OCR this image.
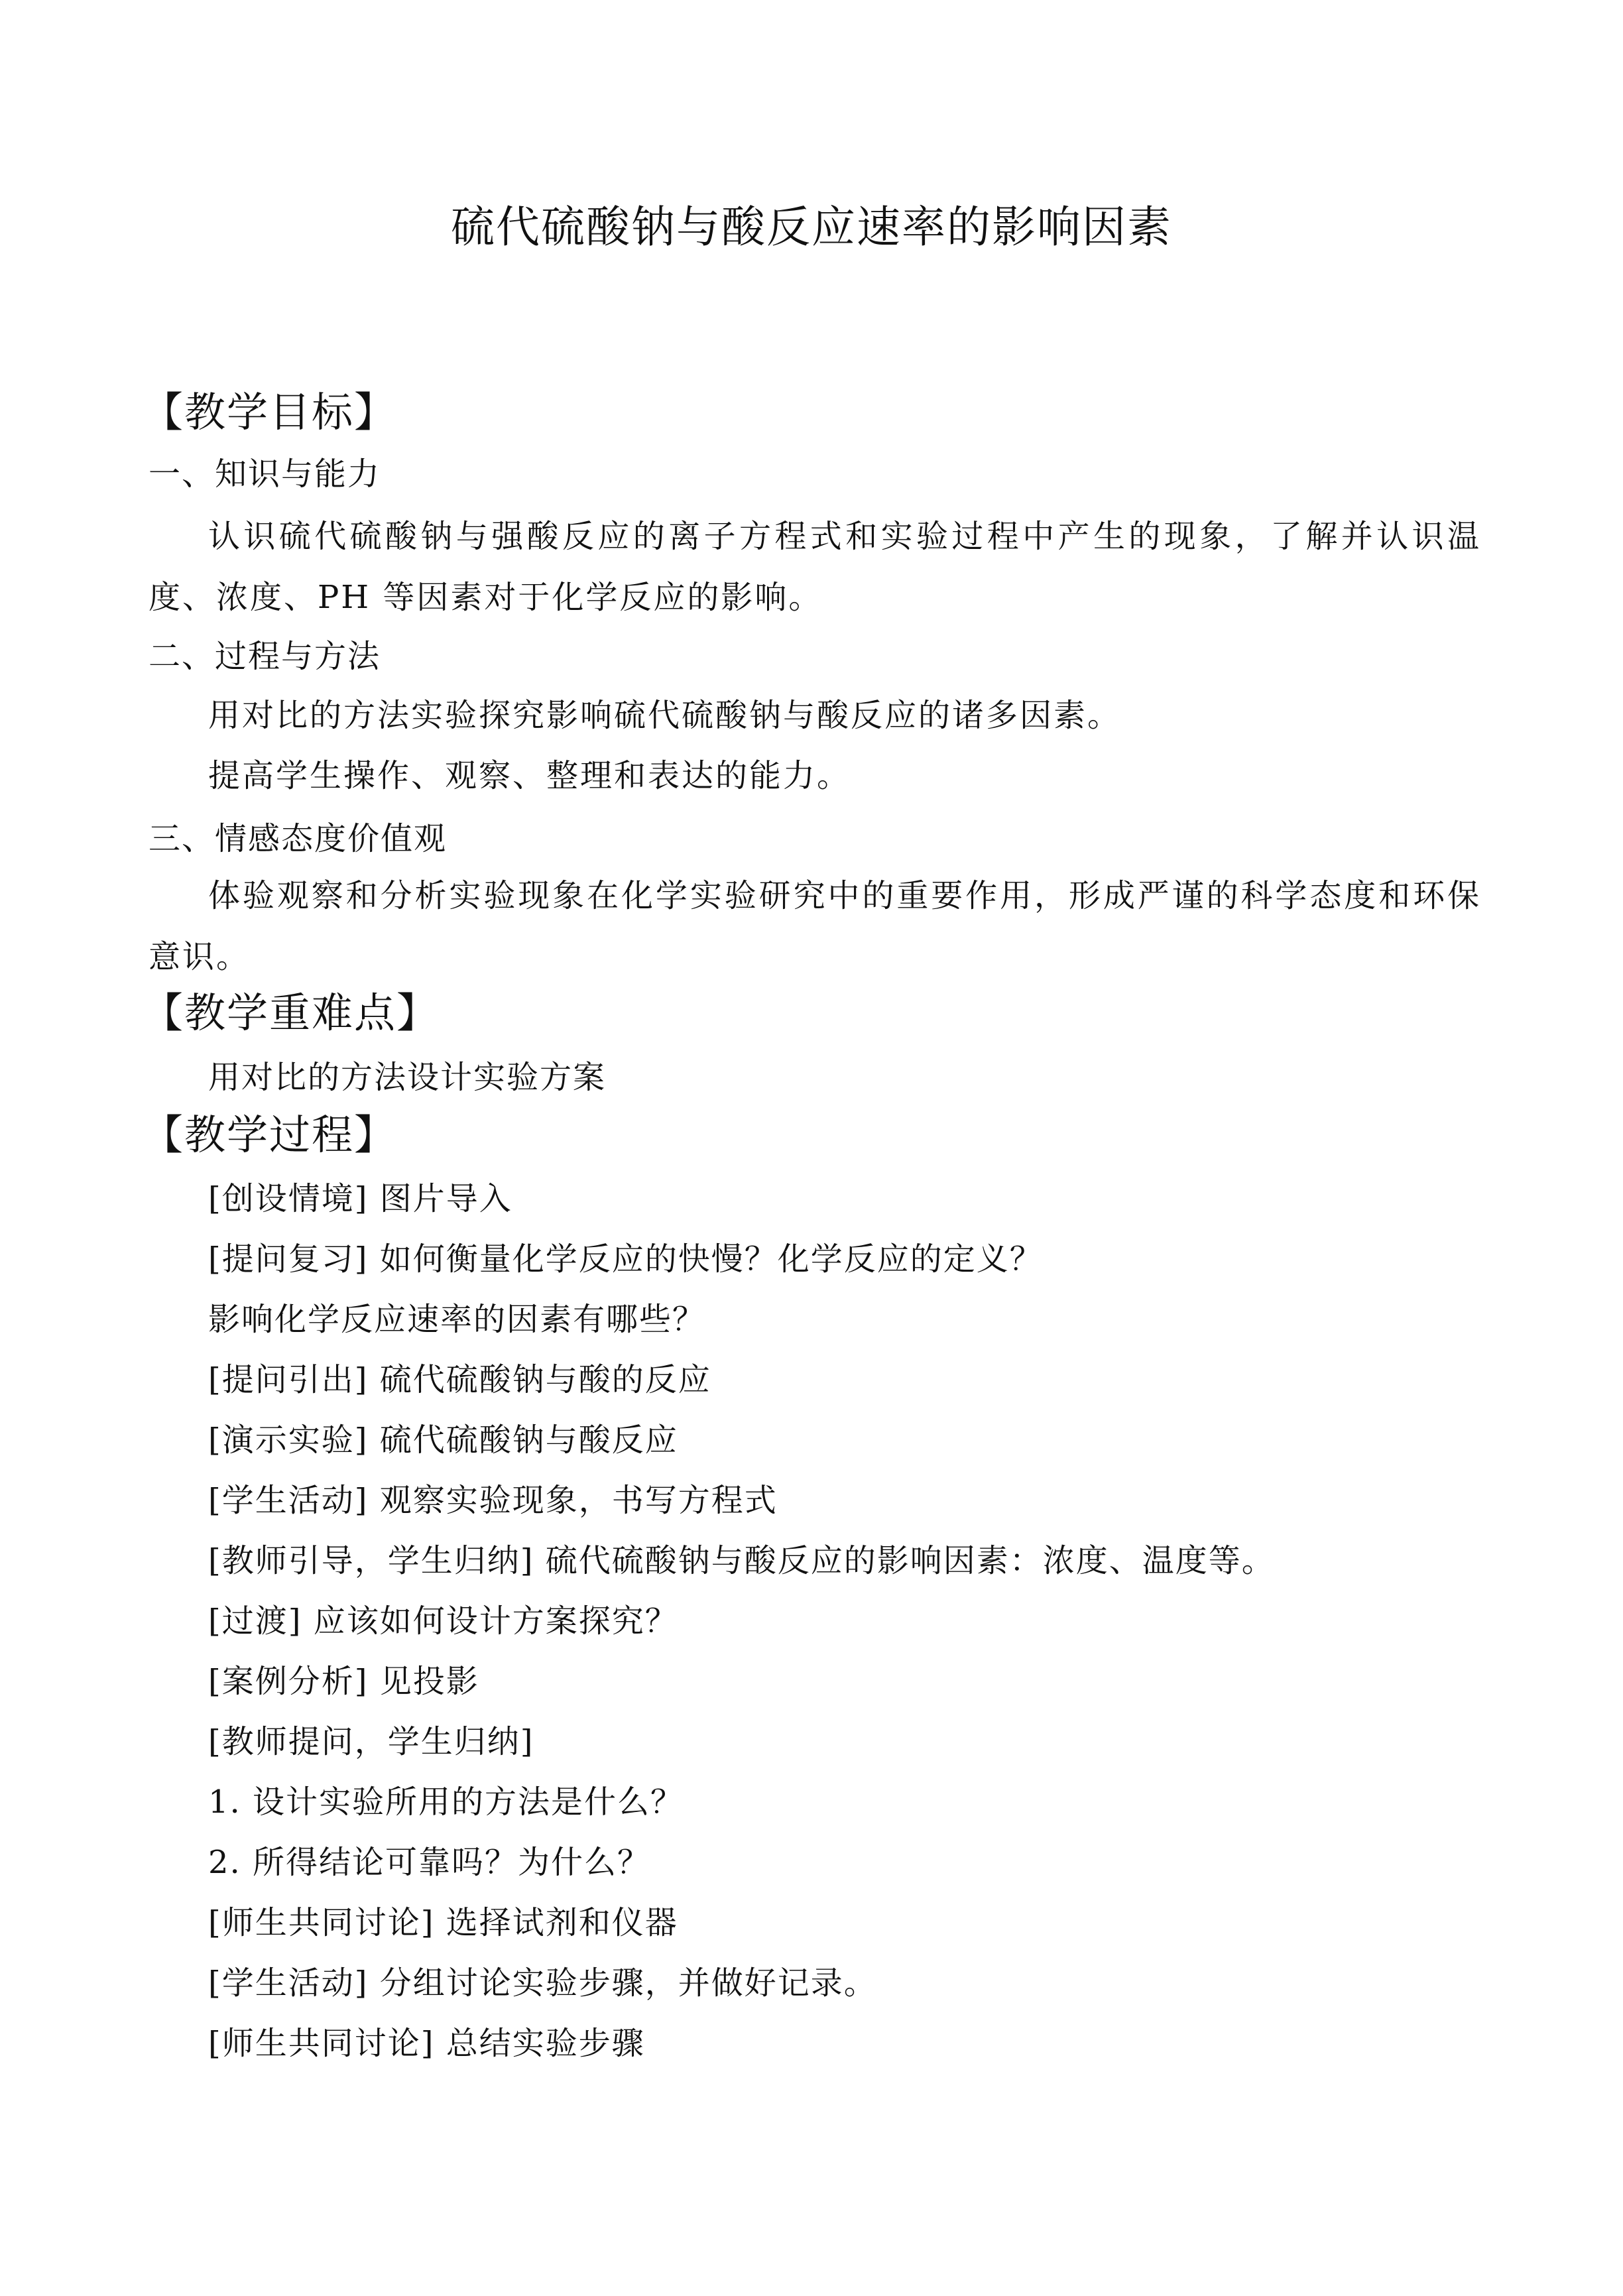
硫代硫酸钠与酸反应速率的影响因素
【教学目标】
一、知识与能力
认识硫代硫酸钠与强酸反应的离子方程式和实验过程中产生的现象，了解并认识温度、浓度、PH 等因素对于化学反应的影响。
二、过程与方法
用对比的方法实验探究影响硫代硫酸钠与酸反应的诸多因素。
提高学生操作、观察、整理和表达的能力。
三、情感态度价值观
体验观察和分析实验现象在化学实验研究中的重要作用，形成严谨的科学态度和环保意识。
【教学重难点】
用对比的方法设计实验方案
【教学过程】
[创设情境] 图片导入
[提问复习] 如何衡量化学反应的快慢？化学反应的定义？
影响化学反应速率的因素有哪些？
[提问引出] 硫代硫酸钠与酸的反应
[演示实验] 硫代硫酸钠与酸反应
[学生活动] 观察实验现象，书写方程式
[教师引导，学生归纳] 硫代硫酸钠与酸反应的影响因素：浓度、温度等。
[过渡] 应该如何设计方案探究？
[案例分析] 见投影
[教师提问，学生归纳]
1. 设计实验所用的方法是什么？
2. 所得结论可靠吗？为什么？
[师生共同讨论] 选择试剂和仪器
[学生活动] 分组讨论实验步骤，并做好记录。
[师生共同讨论] 总结实验步骤
